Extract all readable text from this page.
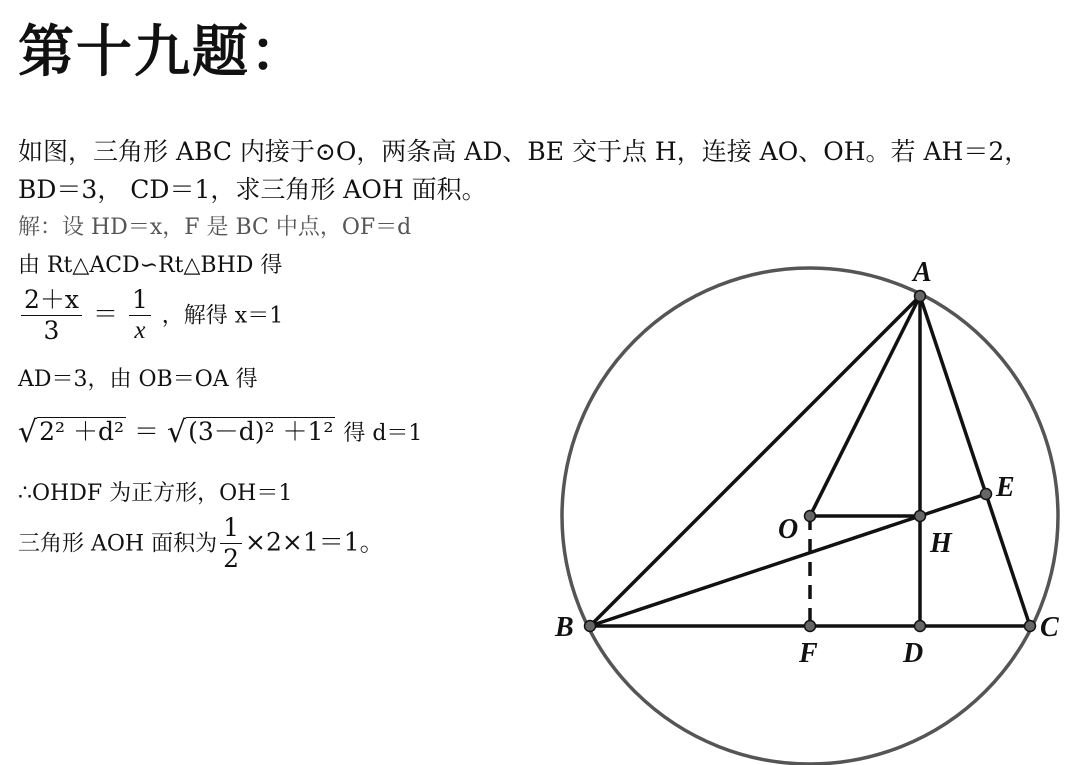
第十九题：
如图，三角形 ABC 内接于⊙O，两条高 AD、BE 交于点 H，连接 AO、OH。若 AH＝2，
BD＝3， CD＝1，求三角形 AOH 面积。
解：设 HD＝x，F 是 BC 中点，OF＝d
由 Rt△ACD∽Rt△BHD 得
$\frac{2+x}{3} = \frac{1}{x}$ ，解得 x＝1
AD＝3，由 OB＝OA 得
√2² ＋d² ＝ √(3－d)² ＋1² 得 d＝1
∴OHDF 为正方形，OH＝1
三角形 AOH 面积为 $\frac{1}{2} \times 2\times 1=1$。
A
B	C
D
E
F
H
O
